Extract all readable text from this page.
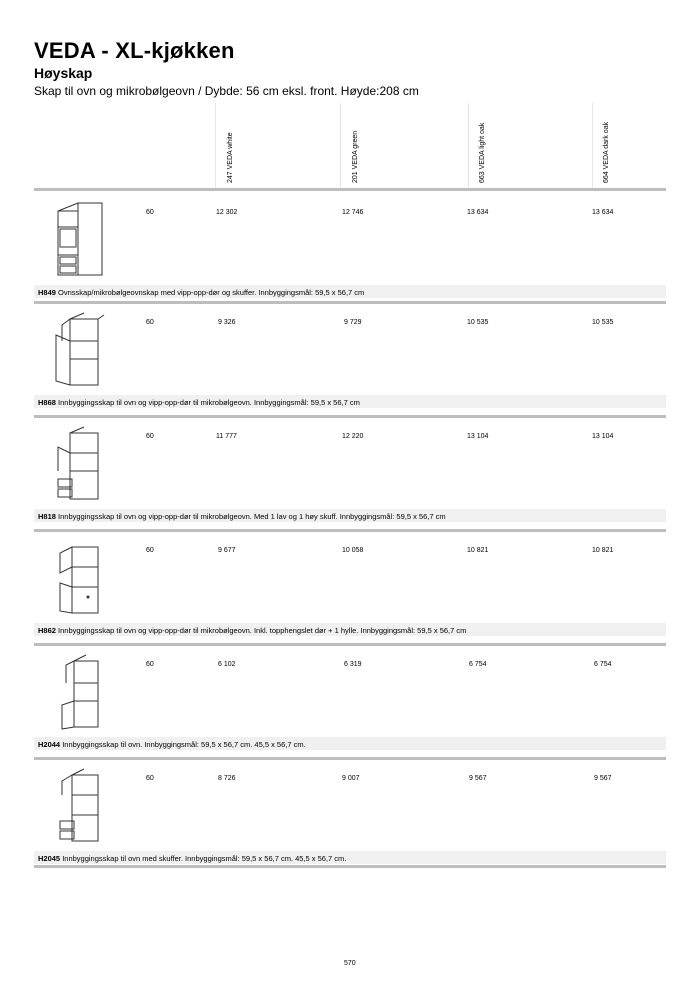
VEDA - XL-kjøkken
Høyskap
Skap til ovn og mikrobølgeovn / Dybde: 56 cm eksl. front. Høyde:208 cm
247 VEDA white	201 VEDA green	663 VEDA light oak	664 VEDA dark oak
60	12 302	12 746	13 634	13 634
H849 Ovnsskap/mikrobølgeovnskap med vipp-opp-dør og skuffer. Innbyggingsmål: 59,5 x 56,7 cm
60	9 326	9 729	10 535	10 535
H868 Innbyggingsskap til ovn og vipp-opp-dør til mikrobølgeovn. Innbyggingsmål: 59,5 x 56,7 cm
60	11 777	12 220	13 104	13 104
H818 Innbyggingsskap til ovn og vipp-opp-dør til mikrobølgeovn. Med 1 lav og 1 høy skuff. Innbyggingsmål: 59,5 x 56,7 cm
60	9 677	10 058	10 821	10 821
H862 Innbyggingsskap til ovn og vipp-opp-dør til mikrobølgeovn. Inkl. topphengslet dør + 1 hylle. Innbyggingsmål: 59,5 x 56,7 cm
60	6 102	6 319	6 754	6 754
H2044 Innbyggingsskap til ovn. Innbyggingsmål: 59,5 x 56,7 cm. 45,5 x 56,7 cm.
60	8 726	9 007	9 567	9 567
H2045 Innbyggingsskap til ovn med skuffer. Innbyggingsmål: 59,5 x 56,7 cm. 45,5 x 56,7 cm.
570
